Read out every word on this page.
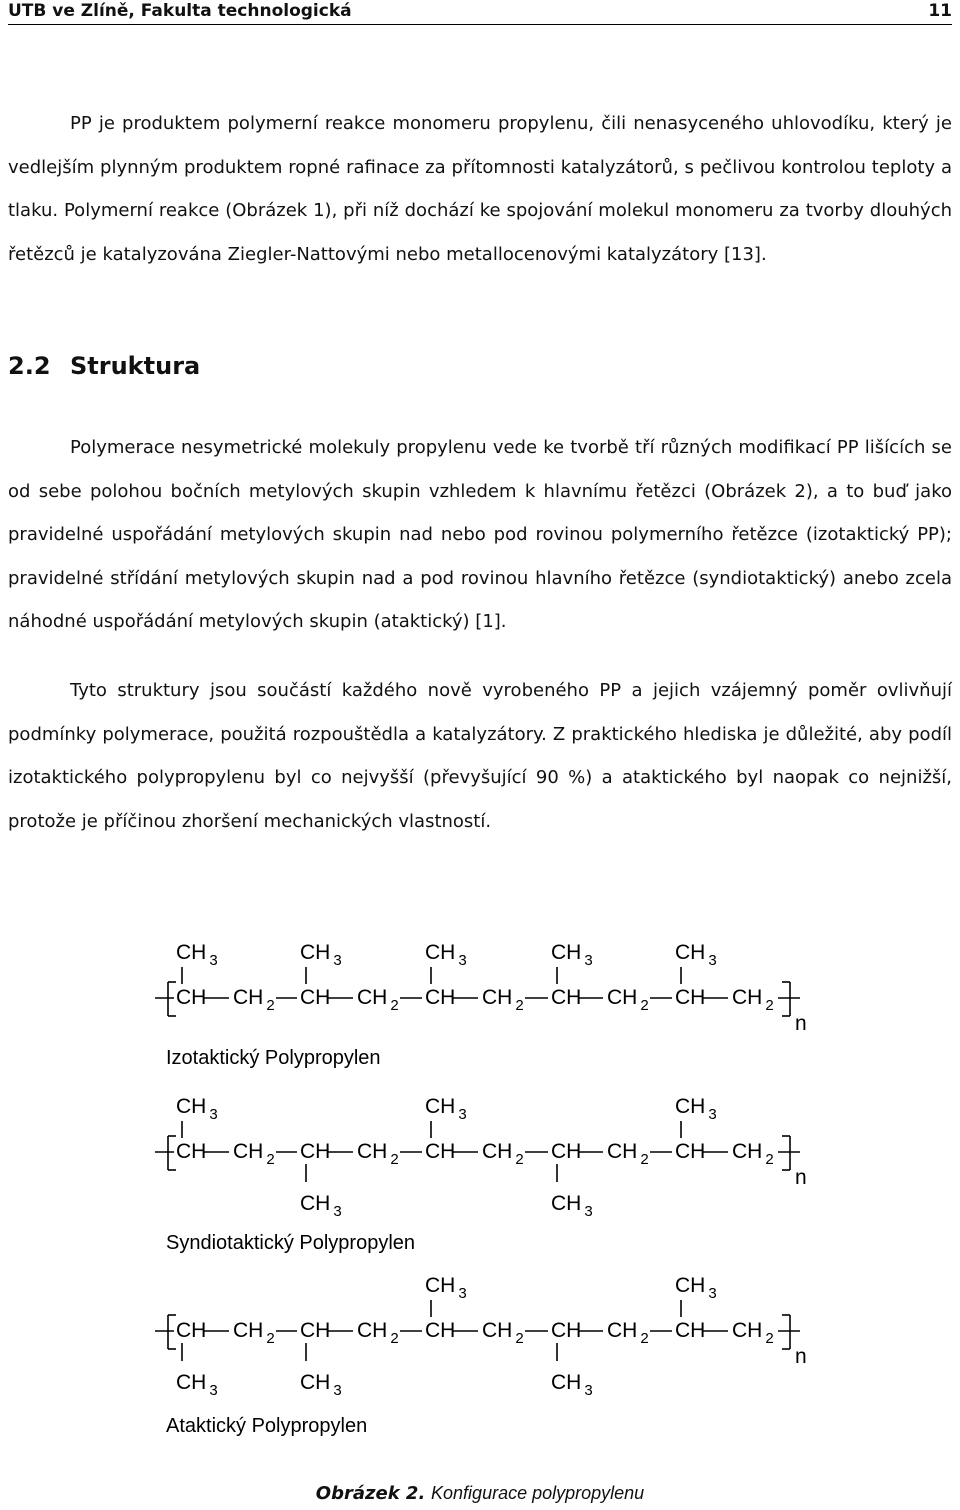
UTB ve Zlíně, Fakulta technologická	11

PP je produktem polymerní reakce monomeru propylenu, čili nenasyceného uhlovodíku, který je vedlejším plynným produktem ropné rafinace za přítomnosti katalyzátorů, s pečlivou kontrolou teploty a tlaku. Polymerní reakce (Obrázek 1), při níž dochází ke spojování molekul monomeru za tvorby dlouhých řetězců je katalyzována Ziegler-Nattovými nebo metallocenovými katalyzátory [13].

2.2 Struktura

Polymerace nesymetrické molekuly propylenu vede ke tvorbě tří různých modifikací PP lišících se od sebe polohou bočních metylových skupin vzhledem k hlavnímu řetězci (Obrázek 2), a to buď jako pravidelné uspořádání metylových skupin nad nebo pod rovinou polymerního řetězce (izotaktický PP); pravidelné střídání metylových skupin nad a pod rovinou hlavního řetězce (syndiotaktický) anebo zcela náhodné uspořádání metylových skupin (ataktický) [1].

Tyto struktury jsou součástí každého nově vyrobeného PP a jejich vzájemný poměr ovlivňují podmínky polymerace, použitá rozpouštědla a katalyzátory. Z praktického hlediska je důležité, aby podíl izotaktického polypropylenu byl co nejvyšší (převyšující 90 %) a ataktického byl naopak co nejnižší, protože je příčinou zhoršení mechanických vlastností.

n
CH CH $_2$
CH $_3$
CH CH $_2$
CH $_3$
CH CH $_2$
CH $_3$
CH CH $_2$
CH $_3$
CH CH $_2$
CH $_3$
Izotaktický Polypropylen
n
CH CH $_2$
CH $_3$
CH CH $_2$
CH $_3$
CH CH $_2$
CH $_3$
CH CH $_2$
CH $_3$
CH CH $_2$
CH $_3$
Syndiotaktický Polypropylen
n
CH CH $_2$
CH $_3$
CH CH $_2$
CH $_3$
CH CH $_2$
CH $_3$
CH CH $_2$
CH $_3$
CH CH $_2$
CH $_3$
Ataktický Polypropylen

Obrázek 2. Konfigurace polypropylenu
